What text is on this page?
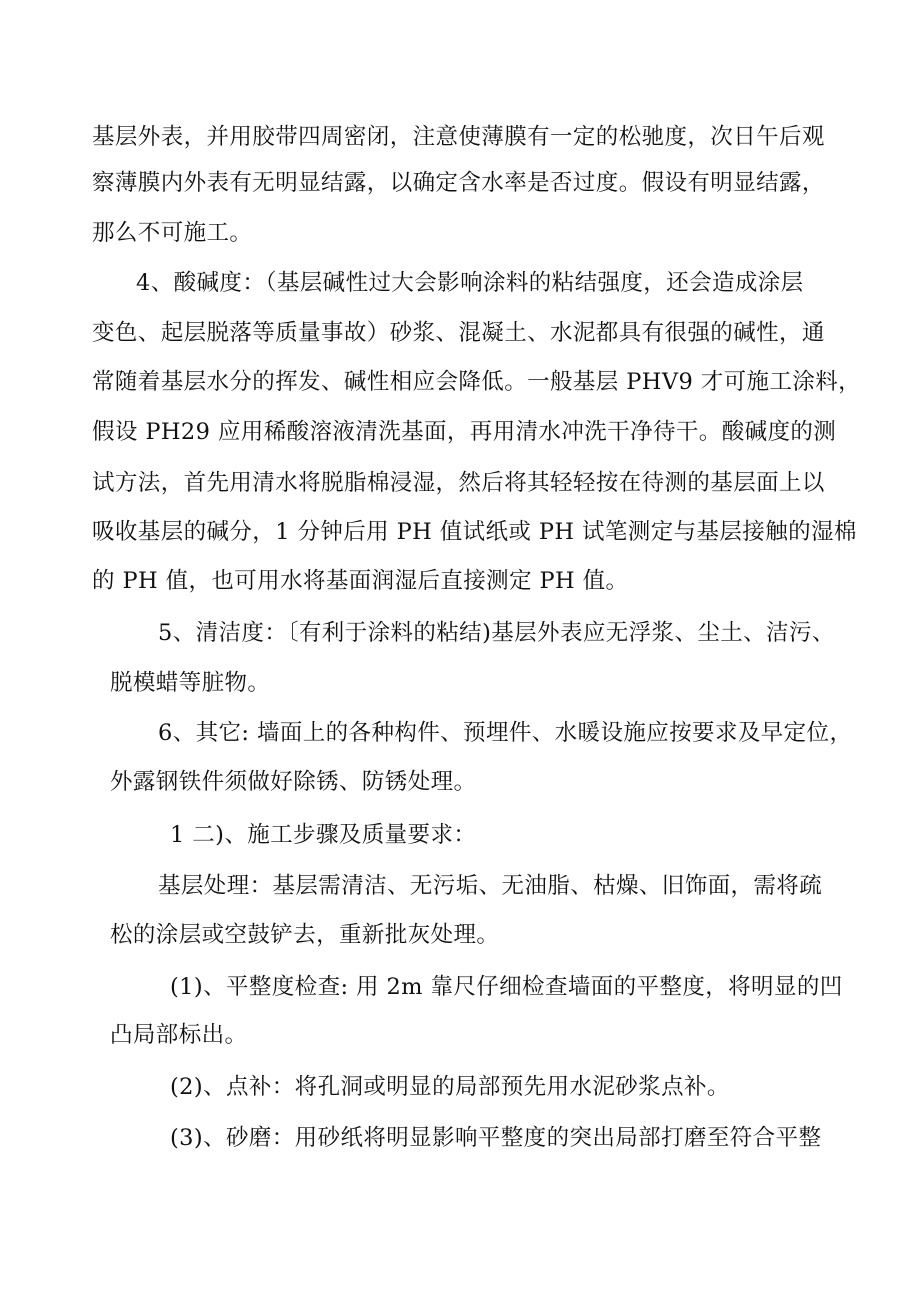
基层外表，并用胶带四周密闭，注意使薄膜有一定的松驰度，次日午后观
察薄膜内外表有无明显结露，以确定含水率是否过度。假设有明显结露，
那么不可施工。
4、酸碱度：（基层碱性过大会影响涂料的粘结强度，还会造成涂层
变色、起层脱落等质量事故）砂浆、混凝土、水泥都具有很强的碱性，通
常随着基层水分的挥发、碱性相应会降低。一般基层 PHV9 才可施工涂料，
假设 PH29 应用稀酸溶液清洗基面，再用清水冲洗干净待干。酸碱度的测
试方法，首先用清水将脱脂棉浸湿，然后将其轻轻按在待测的基层面上以
吸收基层的碱分，1 分钟后用 PH 值试纸或 PH 试笔测定与基层接触的湿棉
的 PH 值，也可用水将基面润湿后直接测定 PH 值。
5、清洁度：〔有利于涂料的粘结)基层外表应无浮浆、尘土、洁污、
脱模蜡等脏物。
6、其它: 墙面上的各种构件、预埋件、水暖设施应按要求及早定位，
外露钢铁件须做好除锈、防锈处理。
1 二)、施工步骤及质量要求：
基层处理：基层需清洁、无污垢、无油脂、枯燥、旧饰面，需将疏
松的涂层或空鼓铲去，重新批灰处理。
(1)、平整度检查: 用 2m 靠尺仔细检查墙面的平整度，将明显的凹
凸局部标出。
(2)、点补：将孔洞或明显的局部预先用水泥砂浆点补。
(3)、砂磨：用砂纸将明显影响平整度的突出局部打磨至符合平整
